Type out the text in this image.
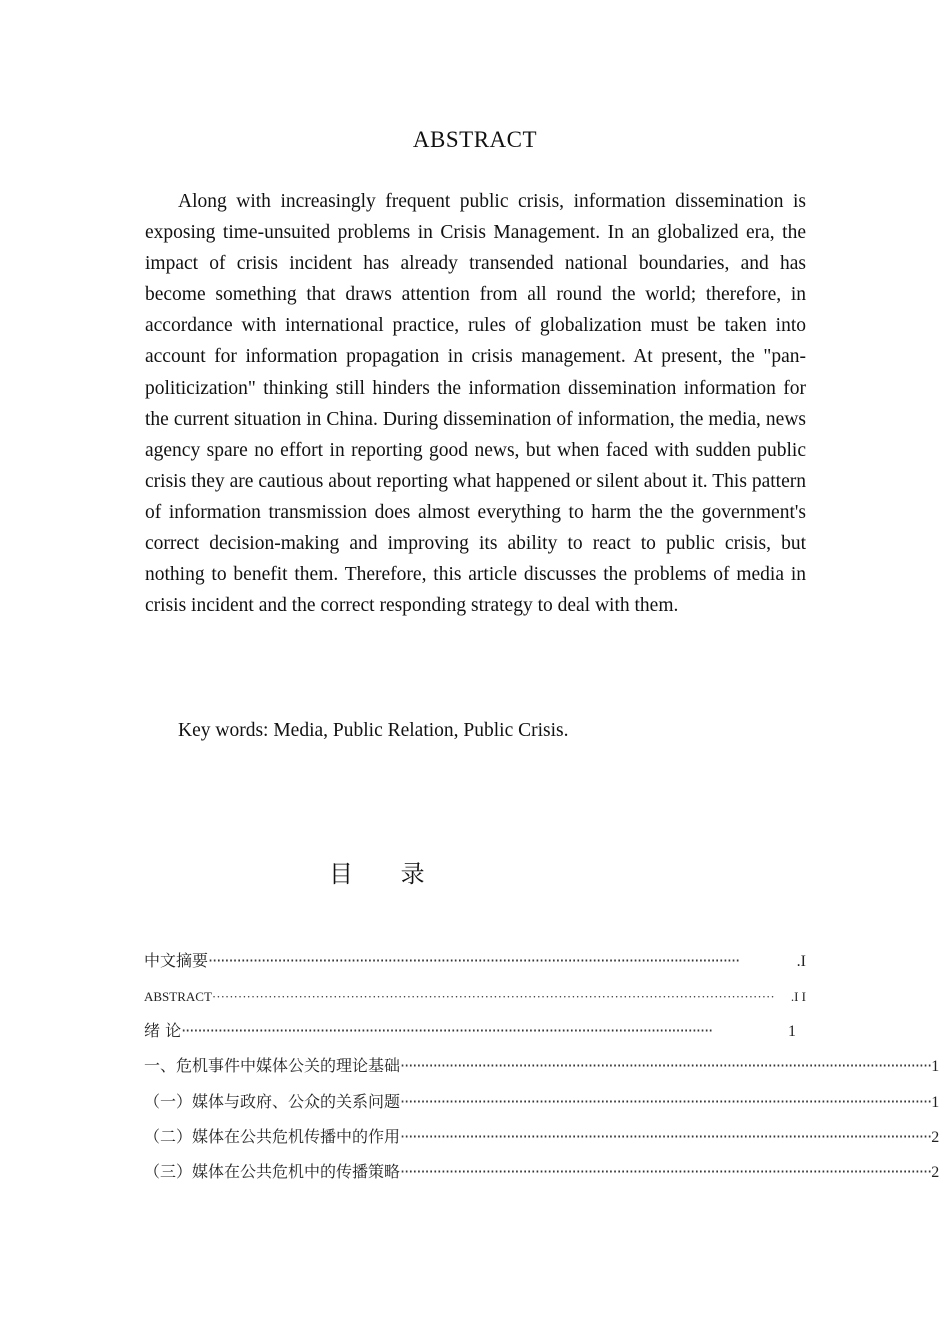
ABSTRACT

Along with increasingly frequent public crisis, information dissemination is exposing time-unsuited problems in Crisis Management. In an globalized era, the impact of crisis incident has already transended national boundaries, and has become something that draws attention from all round the world; therefore, in accordance with international practice, rules of globalization must be taken into account for information propagation in crisis management. At present, the "pan-politicization" thinking still hinders the information dissemination information for the current situation in China. During dissemination of information, the media, news agency spare no effort in reporting good news, but when faced with sudden public crisis they are cautious about reporting what happened or silent about it. This pattern of information transmission does almost everything to harm the the government's correct decision-making and improving its ability to react to public crisis, but nothing to benefit them. Therefore, this article discusses the problems of media in crisis incident and the correct responding strategy to deal with them.

Key words: Media, Public Relation, Public Crisis.
目 录
中文摘要 ··································································································································	.I
ABSTRACT ··································································································································	.I I
绪 论 ··································································································································	1
一、危机事件中媒体公关的理论基础 ·································································································································· 1
（一）媒体与政府、公众的关系问题 ·································································································································· 1
（二）媒体在公共危机传播中的作用 ·································································································································· 2
（三）媒体在公共危机中的传播策略 ·································································································································· 2
